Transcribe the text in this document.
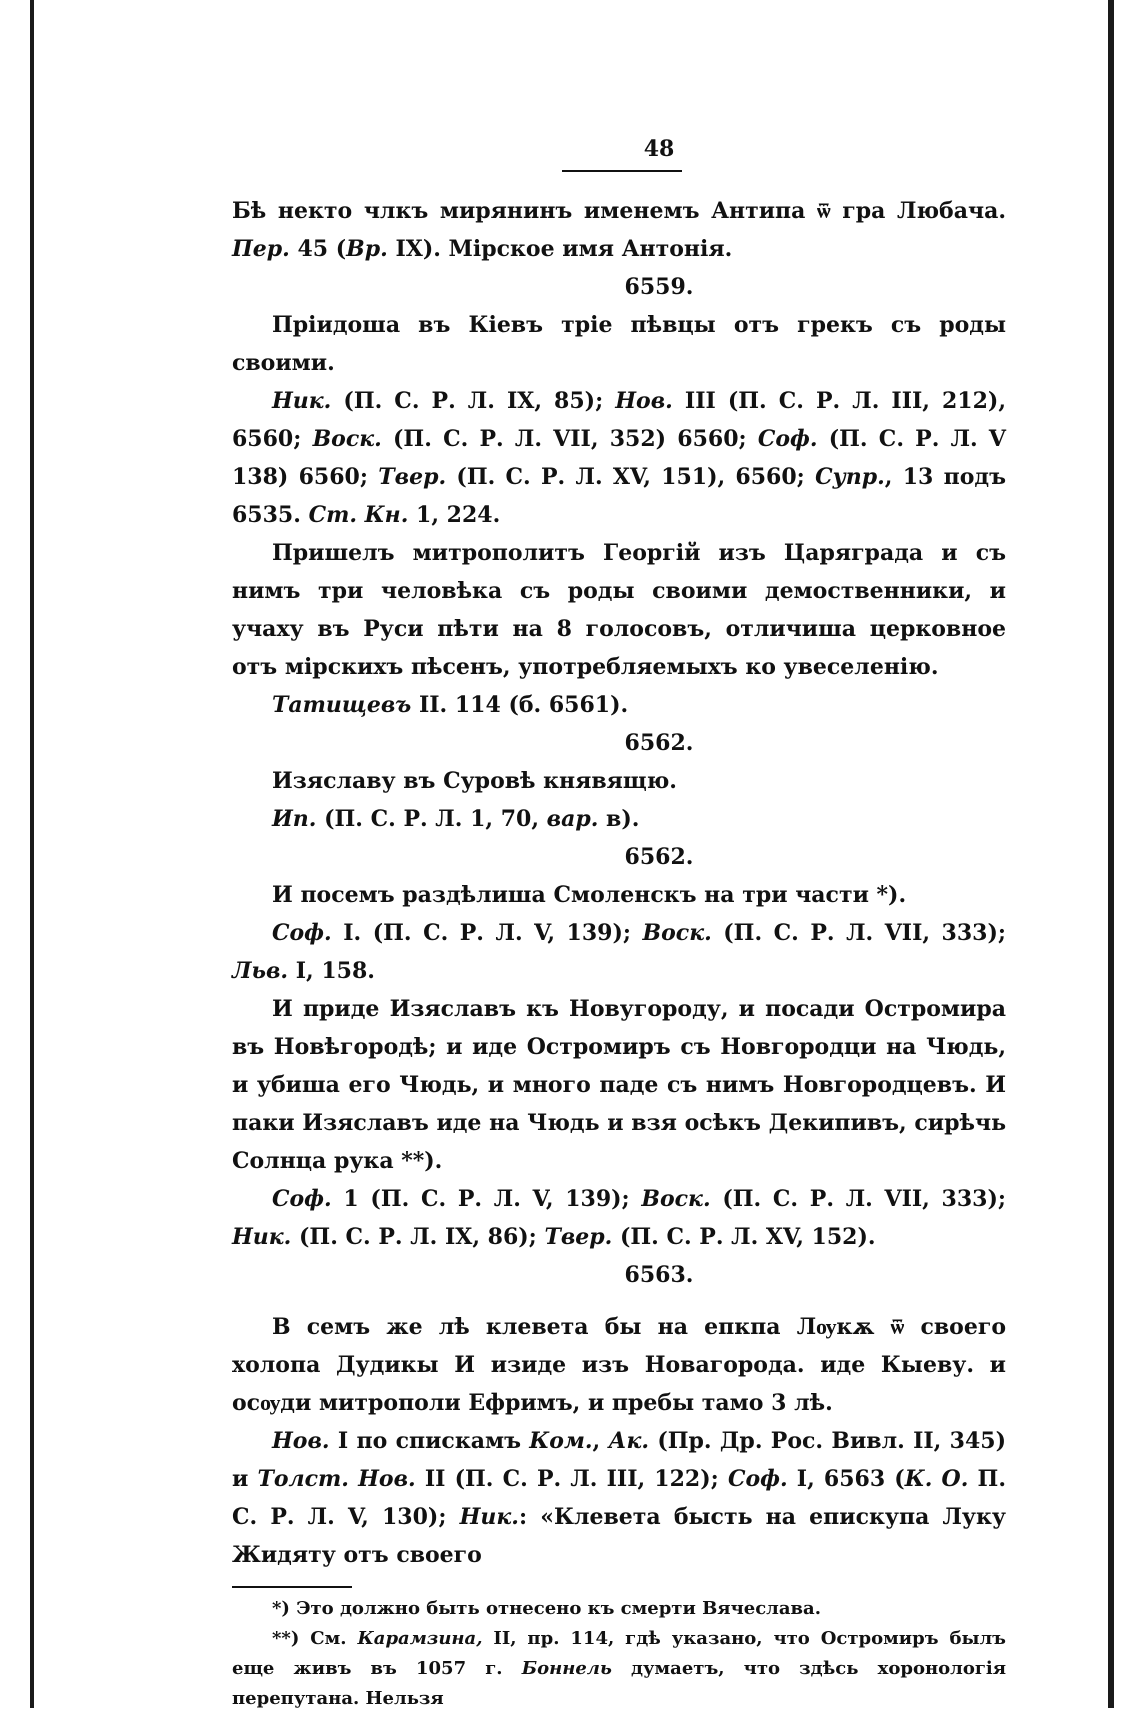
48

Бѣ некто члкъ мирянинъ именемъ Антипа ѿ гра Любача. Пер. 45 (Вр. IX). Мірское имя Антонія.

6559.

Пріидоша въ Кіевъ тріе пѣвцы отъ грекъ съ роды своими.

Ник. (П. С. Р. Л. IX, 85); Нов. III (П. С. Р. Л. III, 212), 6560; Воск. (П. С. Р. Л. VII, 352) 6560; Соф. (П. С. Р. Л. V 138) 6560; Твер. (П. С. Р. Л. XV, 151), 6560; Супр., 13 подъ 6535. Ст. Кн. 1, 224.

Пришелъ митрополитъ Георгій изъ Царяграда и съ нимъ три человѣка съ роды своими демоственники, и учаху въ Руси пѣти на 8 голосовъ, отличиша церковное отъ мірскихъ пѣсенъ, употребляемыхъ ко увеселенію.

Татищевъ II. 114 (б. 6561).

6562.

Изяславу въ Суровѣ княвящю.

Ип. (П. С. Р. Л. 1, 70, вар. в).

6562.

И посемъ раздѣлиша Смоленскъ на три части *).

Соф. I. (П. С. Р. Л. V, 139); Воск. (П. С. Р. Л. VII, 333); Льв. I, 158.

И приде Изяславъ къ Новугороду, и посади Остромира въ Новѣгородѣ; и иде Остромиръ съ Новгородци на Чюдь, и убиша его Чюдь, и много паде съ нимъ Новгородцевъ. И паки Изяславъ иде на Чюдь и взя осѣкъ Декипивъ, сирѣчь Солнца рука **).

Соф. 1 (П. С. Р. Л. V, 139); Воск. (П. С. Р. Л. VII, 333); Ник. (П. С. Р. Л. IX, 86); Твер. (П. С. Р. Л. XV, 152).

6563.

В семъ же лѣ клевета бы на епкпа Лѹкѫ ѿ своего холопа Дудикы И изиде изъ Новагорода. иде Кыеву. и осѹди митрополи Ефримъ, и пребы тамо 3 лѣ.

Нов. I по спискамъ Ком., Ак. (Пр. Др. Рос. Вивл. II, 345) и Толст. Нов. II (П. С. Р. Л. III, 122); Соф. I, 6563 (К. О. П. С. Р. Л. V, 130); Ник.: «Клевета бысть на епискупа Луку Жидяту отъ своего

*) Это должно быть отнесено къ смерти Вячеслава.

**) См. Карамзина, II, пр. 114, гдѣ указано, что Остромиръ былъ еще живъ въ 1057 г. Боннель думаетъ, что здѣсь хоронологія перепутана. Нельзя
